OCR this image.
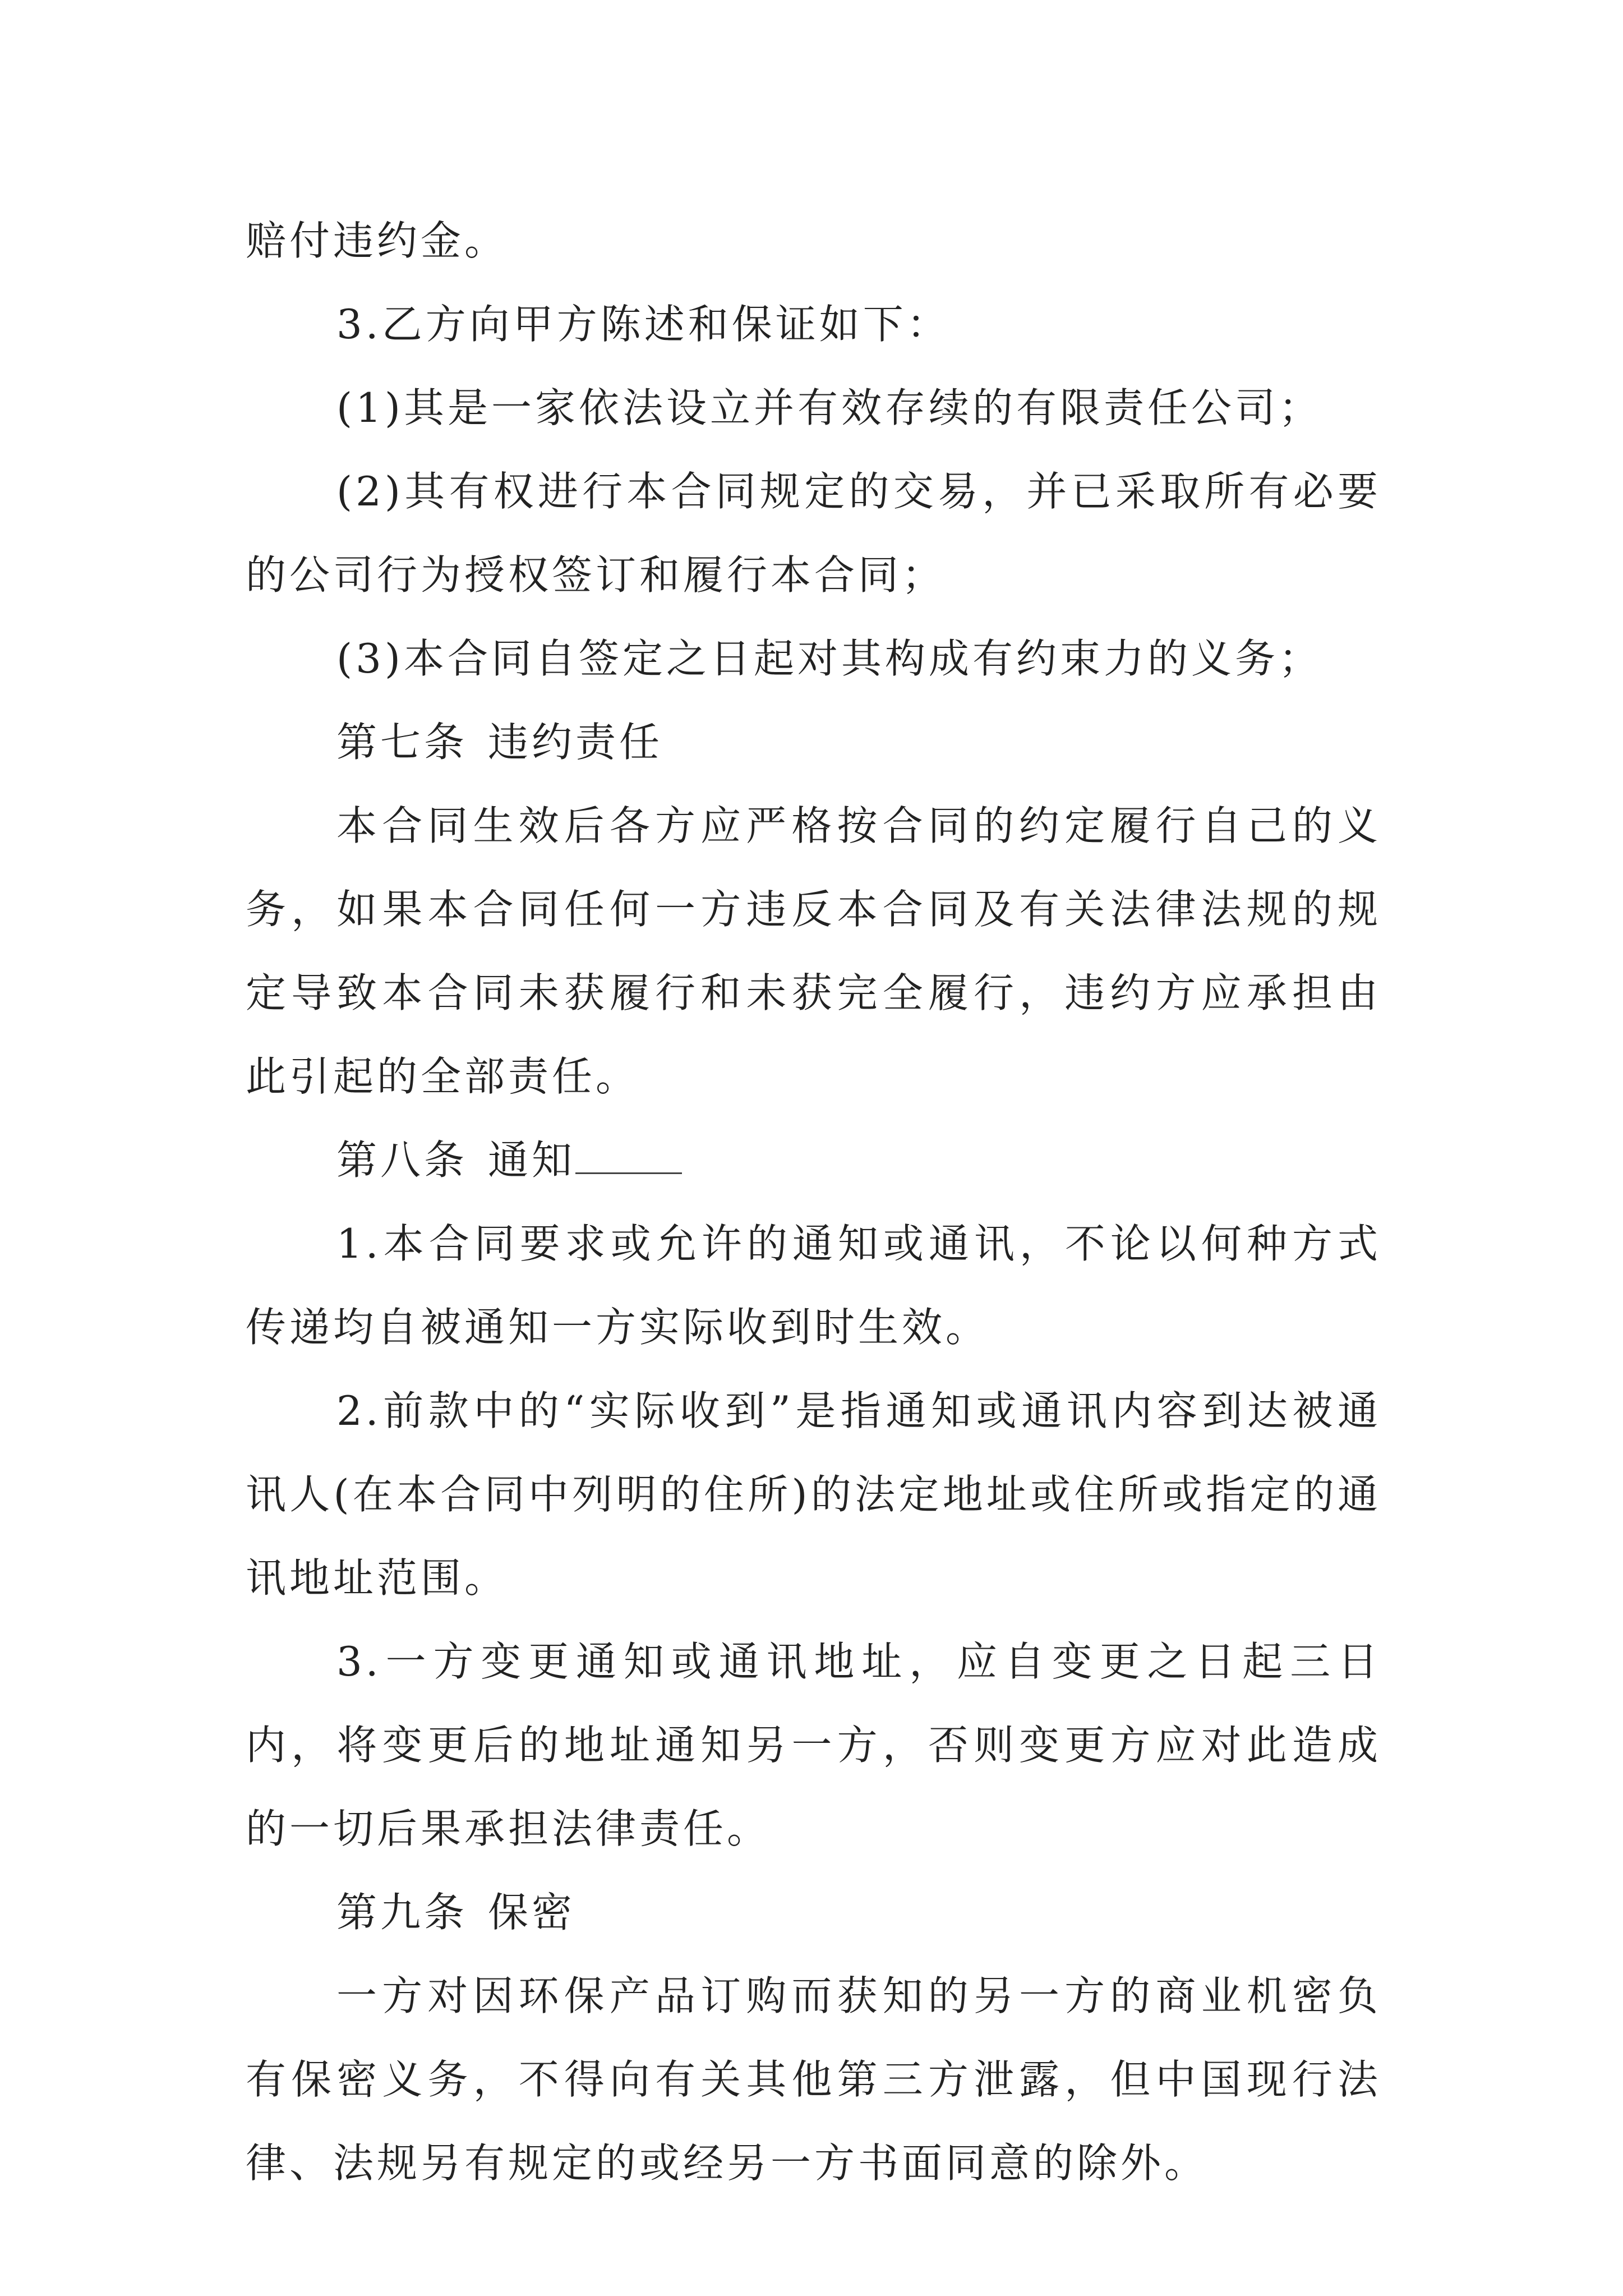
赔付违约金。

3.乙方向甲方陈述和保证如下：

(1)其是一家依法设立并有效存续的有限责任公司；

(2)其有权进行本合同规定的交易，并已采取所有必要的公司行为授权签订和履行本合同；

(3)本合同自签定之日起对其构成有约束力的义务；

第七条 违约责任

本合同生效后各方应严格按合同的约定履行自己的义务，如果本合同任何一方违反本合同及有关法律法规的规定导致本合同未获履行和未获完全履行，违约方应承担由此引起的全部责任。

第八条 通知

1.本合同要求或允许的通知或通讯，不论以何种方式传递均自被通知一方实际收到时生效。

2.前款中的“实际收到”是指通知或通讯内容到达被通讯人(在本合同中列明的住所)的法定地址或住所或指定的通讯地址范围。

3.一方变更通知或通讯地址，应自变更之日起三日内，将变更后的地址通知另一方，否则变更方应对此造成的一切后果承担法律责任。

第九条 保密

一方对因环保产品订购而获知的另一方的商业机密负有保密义务，不得向有关其他第三方泄露，但中国现行法律、法规另有规定的或经另一方书面同意的除外。
